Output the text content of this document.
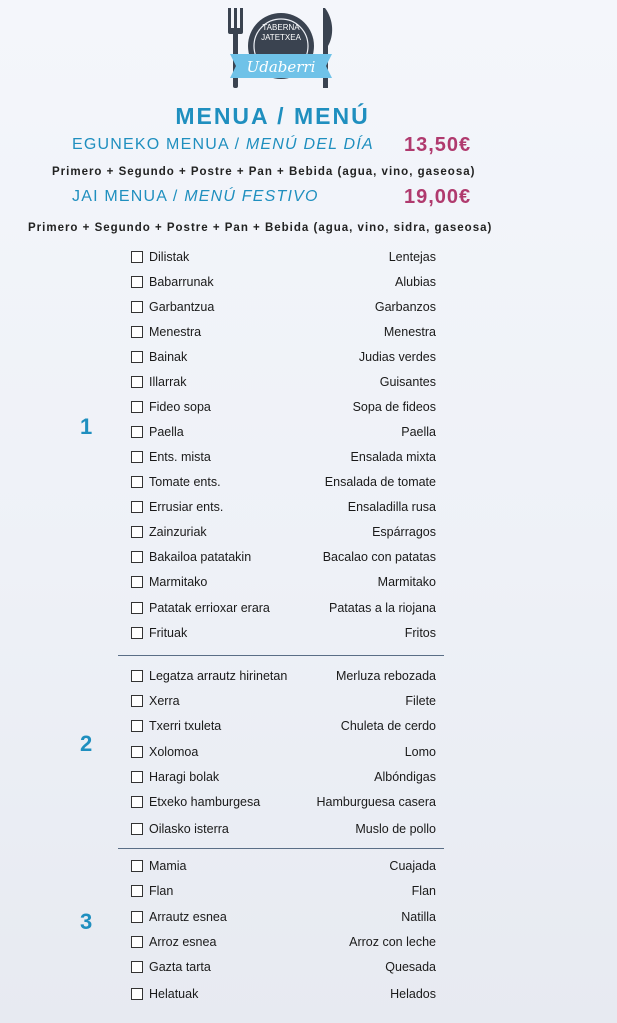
TABERNA
JATETXEA
Udaberri
MENUA / MENÚ
EGUNEKO MENUA / MENÚ DEL DÍA 13,50€
Primero + Segundo + Postre + Pan + Bebida (agua, vino, gaseosa)
JAI MENUA / MENÚ FESTIVO	19,00€
Primero + Segundo + Postre + Pan + Bebida (agua, vino, sidra, gaseosa)
1
2
3
Dilistak	Lentejas
Babarrunak	Alubias
Garbantzua	Garbanzos
Menestra	Menestra
Bainak	Judias verdes
Illarrak	Guisantes
Fideo sopa	Sopa de fideos
Paella	Paella
Ents. mista	Ensalada mixta
Tomate ents.	Ensalada de tomate
Errusiar ents.	Ensaladilla rusa
Zainzuriak	Espárragos
Bakailoa patatakin	Bacalao con patatas
Marmitako	Marmitako
Patatak errioxar erara	Patatas a la riojana
Frituak	Fritos
Legatza arrautz hirinetan	Merluza rebozada
Xerra	Filete
Txerri txuleta	Chuleta de cerdo
Xolomoa	Lomo
Haragi bolak	Albóndigas
Etxeko hamburgesa	Hamburguesa casera
Oilasko isterra	Muslo de pollo
Mamia	Cuajada
Flan	Flan
Arrautz esnea	Natilla
Arroz esnea	Arroz con leche
Gazta tarta	Quesada
Helatuak	Helados
